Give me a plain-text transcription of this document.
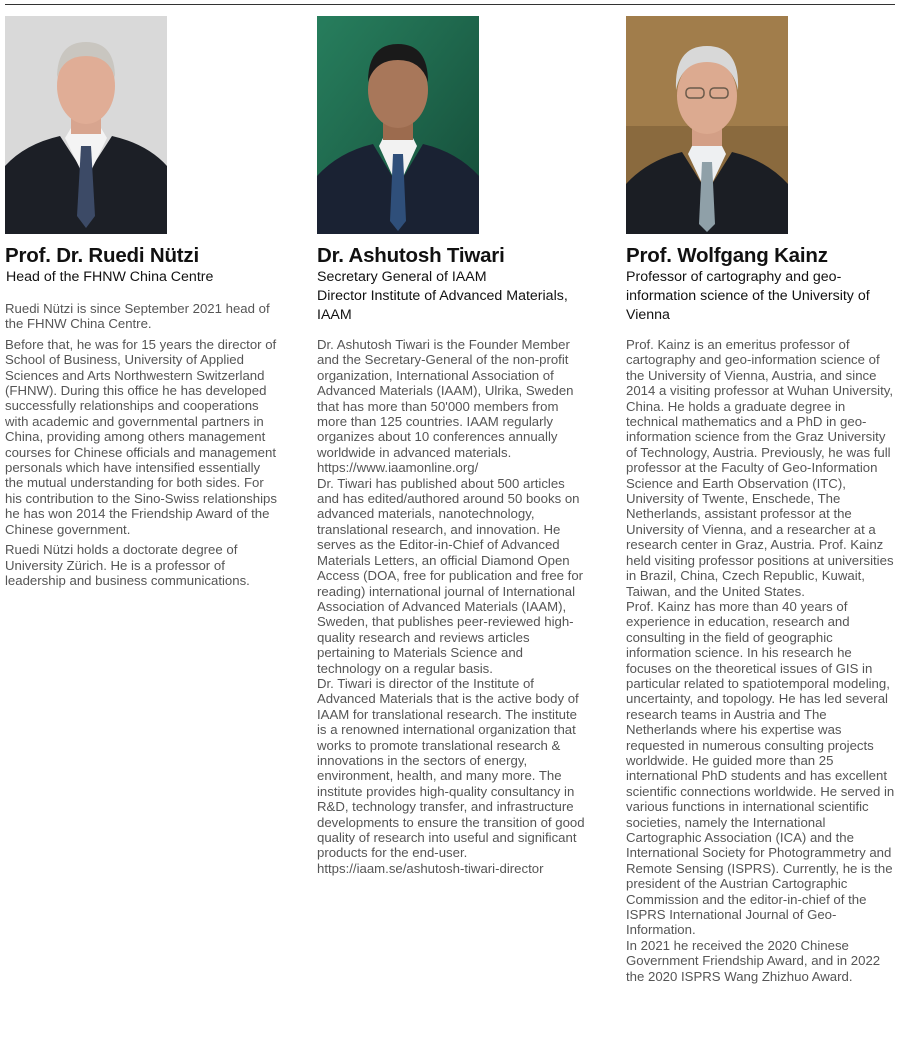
Prof. Dr. Ruedi Nützi
Head of the FHNW China Centre

Ruedi Nützi is since September 2021 head of the FHNW China Centre.

Before that, he was for 15 years the director of School of Business, University of Applied Sciences and Arts Northwestern Switzerland (FHNW). During this office he has developed successfully relationships and cooperations with academic and governmental partners in China, providing among others management courses for Chinese officials and management personals which have intensified essentially the mutual understanding for both sides. For his contribution to the Sino-Swiss relationships he has won 2014 the Friendship Award of the Chinese government.

Ruedi Nützi holds a doctorate degree of University Zürich. He is a professor of leadership and business communications.

Dr. Ashutosh Tiwari
Secretary General of IAAM
Director Institute of Advanced Materials, IAAM

Dr. Ashutosh Tiwari is the Founder Member and the Secretary-General of the non-profit organization, International Association of Advanced Materials (IAAM), Ulrika, Sweden that has more than 50'000 members from more than 125 countries. IAAM regularly organizes about 10 conferences annually worldwide in advanced materials. https://www.iaamonline.org/

Dr. Tiwari has published about 500 articles and has edited/authored around 50 books on advanced materials, nanotechnology, translational research, and innovation. He serves as the Editor-in-Chief of Advanced Materials Letters, an official Diamond Open Access (DOA, free for publication and free for reading) international journal of International Association of Advanced Materials (IAAM), Sweden, that publishes peer-reviewed high-quality research and reviews articles pertaining to Materials Science and technology on a regular basis.

Dr. Tiwari is director of the Institute of Advanced Materials that is the active body of IAAM for translational research. The institute is a renowned international organization that works to promote translational research & innovations in the sectors of energy, environment, health, and many more. The institute provides high-quality consultancy in R&D, technology transfer, and infrastructure developments to ensure the transition of good quality of research into useful and significant products for the end-user.

https://iaam.se/ashutosh-tiwari-director

Prof. Wolfgang Kainz
Professor of cartography and geo-information science of the University of Vienna

Prof. Kainz is an emeritus professor of cartography and geo-information science of the University of Vienna, Austria, and since 2014 a visiting professor at Wuhan University, China. He holds a graduate degree in technical mathematics and a PhD in geo-information science from the Graz University of Technology, Austria. Previously, he was full professor at the Faculty of Geo-Information Science and Earth Observation (ITC), University of Twente, Enschede, The Netherlands, assistant professor at the University of Vienna, and a researcher at a research center in Graz, Austria. Prof. Kainz held visiting professor positions at universities in Brazil, China, Czech Republic, Kuwait, Taiwan, and the United States.

Prof. Kainz has more than 40 years of experience in education, research and consulting in the field of geographic information science. In his research he focuses on the theoretical issues of GIS in particular related to spatiotemporal modeling, uncertainty, and topology. He has led several research teams in Austria and The Netherlands where his expertise was requested in numerous consulting projects worldwide. He guided more than 25 international PhD students and has excellent scientific connections worldwide. He served in various functions in international scientific societies, namely the International Cartographic Association (ICA) and the International Society for Photogrammetry and Remote Sensing (ISPRS). Currently, he is the president of the Austrian Cartographic Commission and the editor-in-chief of the ISPRS International Journal of Geo-Information.

In 2021 he received the 2020 Chinese Government Friendship Award, and in 2022 the 2020 ISPRS Wang Zhizhuo Award.
